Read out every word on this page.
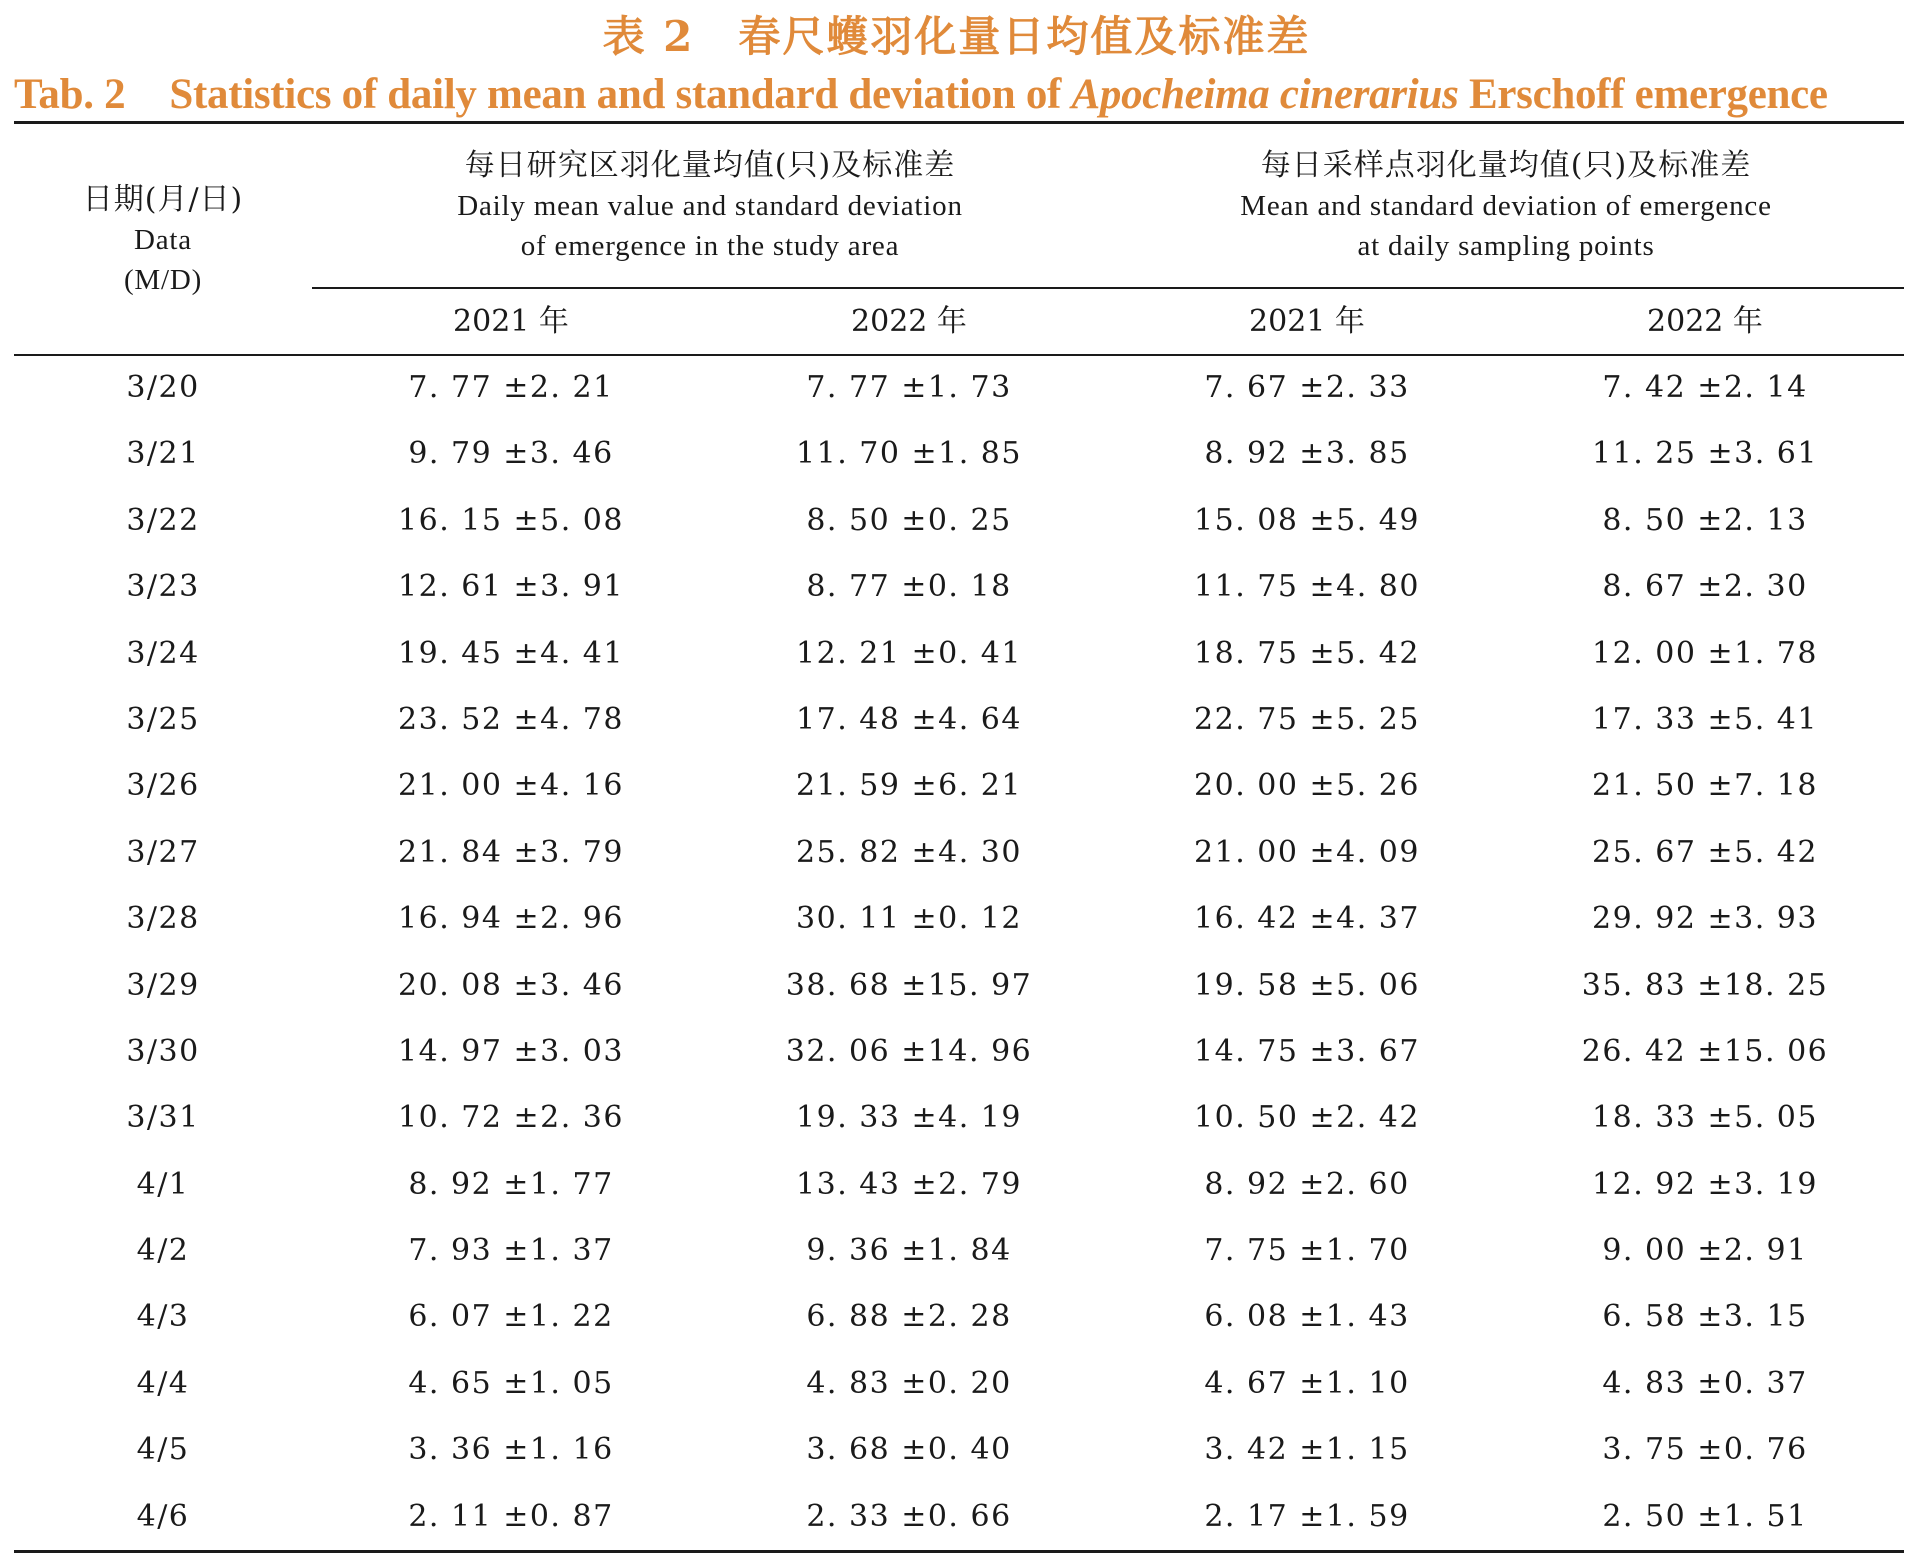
表 2　春尺蠖羽化量日均值及标准差
Tab. 2 Statistics of daily mean and standard deviation of Apocheima cinerarius Erschoff emergence
日期(月/日)
Data
(M/D)
每日研究区羽化量均值(只)及标准差
Daily mean value and standard deviation
of emergence in the study area
每日采样点羽化量均值(只)及标准差
Mean and standard deviation of emergence
at daily sampling points
2021 年	2022 年	2021 年	2022 年
3/20	7. 77 ±2. 21	7. 77 ±1. 73	7. 67 ±2. 33	7. 42 ±2. 14
3/21	9. 79 ±3. 46	11. 70 ±1. 85	8. 92 ±3. 85	11. 25 ±3. 61
3/22	16. 15 ±5. 08	8. 50 ±0. 25	15. 08 ±5. 49	8. 50 ±2. 13
3/23	12. 61 ±3. 91	8. 77 ±0. 18	11. 75 ±4. 80	8. 67 ±2. 30
3/24	19. 45 ±4. 41	12. 21 ±0. 41	18. 75 ±5. 42	12. 00 ±1. 78
3/25	23. 52 ±4. 78	17. 48 ±4. 64	22. 75 ±5. 25	17. 33 ±5. 41
3/26	21. 00 ±4. 16	21. 59 ±6. 21	20. 00 ±5. 26	21. 50 ±7. 18
3/27	21. 84 ±3. 79	25. 82 ±4. 30	21. 00 ±4. 09	25. 67 ±5. 42
3/28	16. 94 ±2. 96	30. 11 ±0. 12	16. 42 ±4. 37	29. 92 ±3. 93
3/29	20. 08 ±3. 46	38. 68 ±15. 97	19. 58 ±5. 06	35. 83 ±18. 25
3/30	14. 97 ±3. 03	32. 06 ±14. 96	14. 75 ±3. 67	26. 42 ±15. 06
3/31	10. 72 ±2. 36	19. 33 ±4. 19	10. 50 ±2. 42	18. 33 ±5. 05
4/1	8. 92 ±1. 77	13. 43 ±2. 79	8. 92 ±2. 60	12. 92 ±3. 19
4/2	7. 93 ±1. 37	9. 36 ±1. 84	7. 75 ±1. 70	9. 00 ±2. 91
4/3	6. 07 ±1. 22	6. 88 ±2. 28	6. 08 ±1. 43	6. 58 ±3. 15
4/4	4. 65 ±1. 05	4. 83 ±0. 20	4. 67 ±1. 10	4. 83 ±0. 37
4/5	3. 36 ±1. 16	3. 68 ±0. 40	3. 42 ±1. 15	3. 75 ±0. 76
4/6	2. 11 ±0. 87	2. 33 ±0. 66	2. 17 ±1. 59	2. 50 ±1. 51
